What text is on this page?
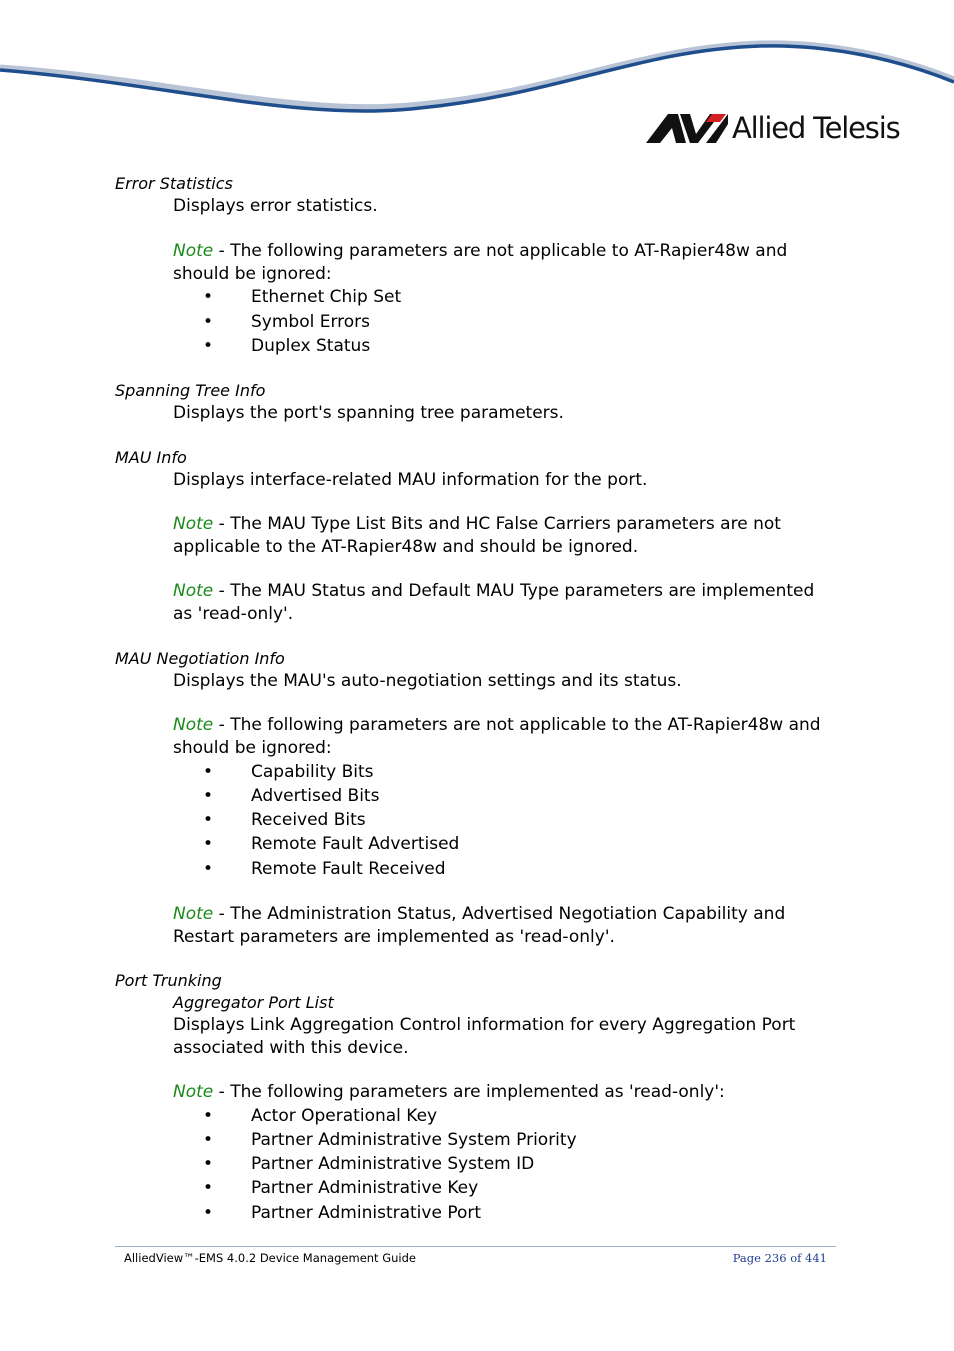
Allied Telesis
Error Statistics
Displays error statistics.
Note - The following parameters are not applicable to AT-Rapier48w and should be ignored:
•	Ethernet Chip Set
•	Symbol Errors
•	Duplex Status
Spanning Tree Info
Displays the port's spanning tree parameters.
MAU Info
Displays interface-related MAU information for the port.
Note - The MAU Type List Bits and HC False Carriers parameters are not applicable to the AT-Rapier48w and should be ignored.
Note - The MAU Status and Default MAU Type parameters are implemented as 'read-only'.
MAU Negotiation Info
Displays the MAU's auto-negotiation settings and its status.
Note - The following parameters are not applicable to the AT-Rapier48w and should be ignored:
•	Capability Bits
•	Advertised Bits
•	Received Bits
•	Remote Fault Advertised
•	Remote Fault Received
Note - The Administration Status, Advertised Negotiation Capability and Restart parameters are implemented as 'read-only'.
Port Trunking
Aggregator Port List
Displays Link Aggregation Control information for every Aggregation Port associated with this device.
Note - The following parameters are implemented as 'read-only':
•	Actor Operational Key
•	Partner Administrative System Priority
•	Partner Administrative System ID
•	Partner Administrative Key
•	Partner Administrative Port
AlliedView™-EMS 4.0.2 Device Management Guide	Page 236 of 441
